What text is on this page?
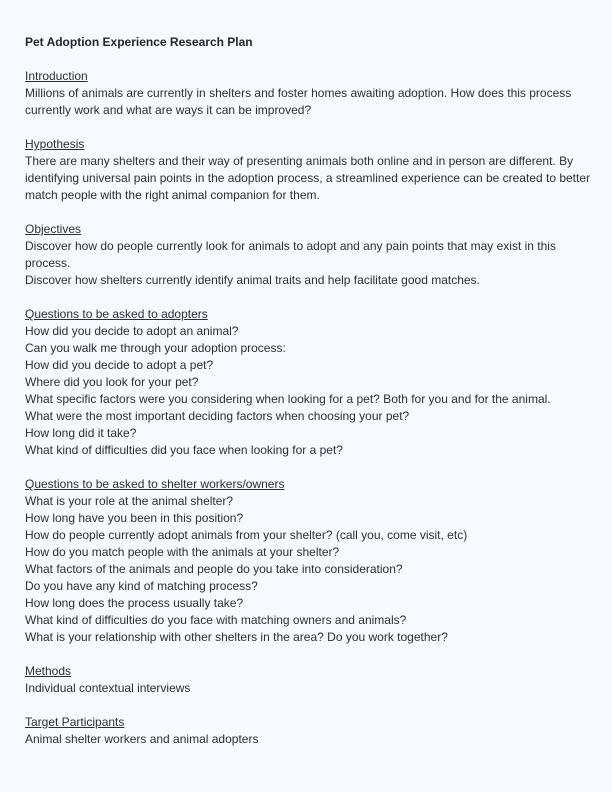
Pet Adoption Experience Research Plan

Introduction

Millions of animals are currently in shelters and foster homes awaiting adoption. How does this process currently work and what are ways it can be improved?

Hypothesis

There are many shelters and their way of presenting animals both online and in person are different. By identifying universal pain points in the adoption process, a streamlined experience can be created to better match people with the right animal companion for them.

Objectives

Discover how do people currently look for animals to adopt and any pain points that may exist in this process.
Discover how shelters currently identify animal traits and help facilitate good matches.

Questions to be asked to adopters

How did you decide to adopt an animal?
Can you walk me through your adoption process:
How did you decide to adopt a pet?
Where did you look for your pet?
What specific factors were you considering when looking for a pet? Both for you and for the animal.
What were the most important deciding factors when choosing your pet?
How long did it take?
What kind of difficulties did you face when looking for a pet?

Questions to be asked to shelter workers/owners

What is your role at the animal shelter?
How long have you been in this position?
How do people currently adopt animals from your shelter? (call you, come visit, etc)
How do you match people with the animals at your shelter?
What factors of the animals and people do you take into consideration?
Do you have any kind of matching process?
How long does the process usually take?
What kind of difficulties do you face with matching owners and animals?
What is your relationship with other shelters in the area? Do you work together?

Methods

Individual contextual interviews

Target Participants

Animal shelter workers and animal adopters
